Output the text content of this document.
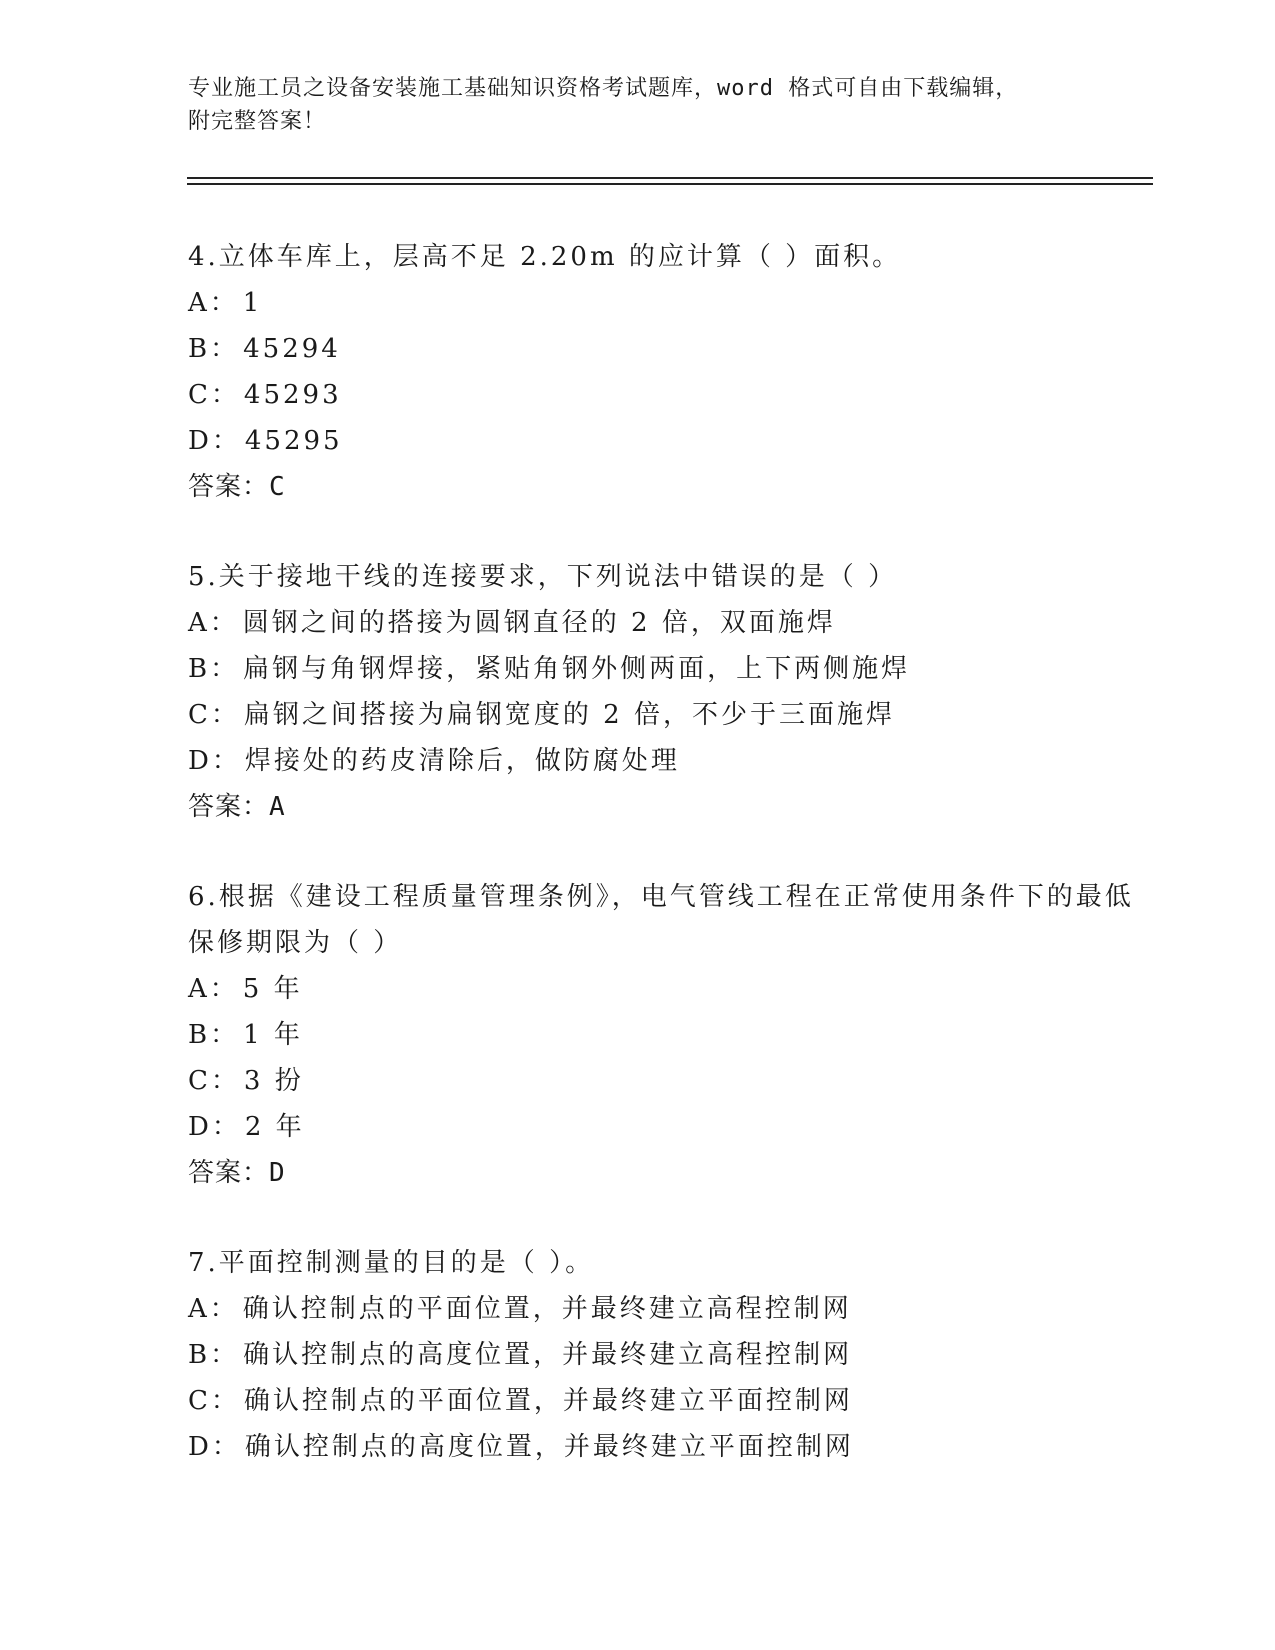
专业施工员之设备安装施工基础知识资格考试题库，word 格式可自由下载编辑，
附完整答案！
4.立体车库上，层高不足 2.20m 的应计算（ ）面积。
A： 1
B： 45294
C： 45293
D： 45295
答案：C
5.关于接地干线的连接要求，下列说法中错误的是（ ）
A： 圆钢之间的搭接为圆钢直径的 2 倍，双面施焊
B： 扁钢与角钢焊接，紧贴角钢外侧两面，上下两侧施焊
C： 扁钢之间搭接为扁钢宽度的 2 倍，不少于三面施焊
D： 焊接处的药皮清除后，做防腐处理
答案：A
6.根据《建设工程质量管理条例》，电气管线工程在正常使用条件下的最低保修期限为（ ）
A： 5 年
B： 1 年
C： 3 扮
D： 2 年
答案：D
7.平面控制测量的目的是（ ）。
A： 确认控制点的平面位置，并最终建立高程控制网
B： 确认控制点的高度位置，并最终建立高程控制网
C： 确认控制点的平面位置，并最终建立平面控制网
D： 确认控制点的高度位置，并最终建立平面控制网
